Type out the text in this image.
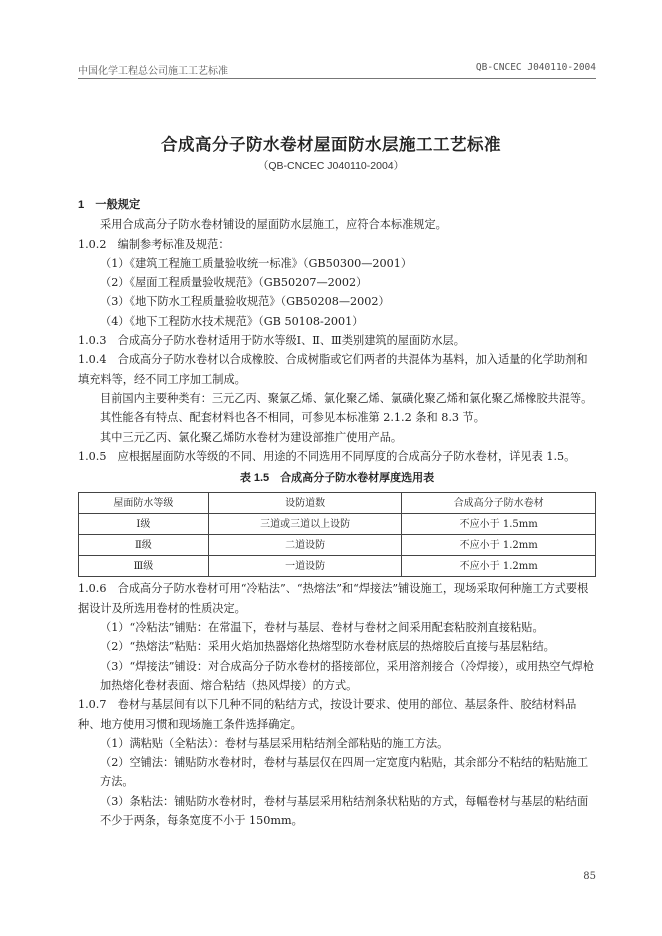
中国化学工程总公司施工工艺标准	QB-CNCEC J040110-2004
合成高分子防水卷材屋面防水层施工工艺标准
（QB-CNCEC J040110-2004）

1　一般规定

采用合成高分子防水卷材铺设的屋面防水层施工，应符合本标准规定。

1.0.2　编制参考标准及规范：

（1）《建筑工程施工质量验收统一标准》（GB50300—2001）

（2）《屋面工程质量验收规范》（GB50207—2002）

（3）《地下防水工程质量验收规范》（GB50208—2002）

（4）《地下工程防水技术规范》（GB 50108-2001）

1.0.3　合成高分子防水卷材适用于防水等级Ⅰ、Ⅱ、Ⅲ类别建筑的屋面防水层。

1.0.4　合成高分子防水卷材以合成橡胶、合成树脂或它们两者的共混体为基料，加入适量的化学助剂和填充料等，经不同工序加工制成。

目前国内主要种类有：三元乙丙、聚氯乙烯、氯化聚乙烯、氯磺化聚乙烯和氯化聚乙烯橡胶共混等。其性能各有特点、配套材料也各不相同，可参见本标准第 2.1.2 条和 8.3 节。

其中三元乙丙、氯化聚乙烯防水卷材为建设部推广使用产品。

1.0.5　应根据屋面防水等级的不同、用途的不同选用不同厚度的合成高分子防水卷材，详见表 1.5。

表 1.5　合成高分子防水卷材厚度选用表
屋面防水等级	设防道数	合成高分子防水卷材
Ⅰ级	三道或三道以上设防	不应小于 1.5mm
Ⅱ级	二道设防	不应小于 1.2mm
Ⅲ级	一道设防	不应小于 1.2mm

1.0.6　合成高分子防水卷材可用“冷粘法”、“热熔法”和“焊接法”铺设施工，现场采取何种施工方式要根据设计及所选用卷材的性质决定。

（1）“冷粘法”铺贴：在常温下，卷材与基层、卷材与卷材之间采用配套粘胶剂直接粘贴。

（2）“热熔法”粘贴：采用火焰加热器熔化热熔型防水卷材底层的热熔胶后直接与基层粘结。

（3）“焊接法”铺设：对合成高分子防水卷材的搭接部位，采用溶剂接合（冷焊接），或用热空气焊枪加热熔化卷材表面、熔合粘结（热风焊接）的方式。

1.0.7　卷材与基层间有以下几种不同的粘结方式，按设计要求、使用的部位、基层条件、胶结材料品种、地方使用习惯和现场施工条件选择确定。

（1）满粘贴（全粘法）：卷材与基层采用粘结剂全部粘贴的施工方法。

（2）空铺法：铺贴防水卷材时，卷材与基层仅在四周一定宽度内粘贴，其余部分不粘结的粘贴施工方法。

（3）条粘法：铺贴防水卷材时，卷材与基层采用粘结剂条状粘贴的方式，每幅卷材与基层的粘结面不少于两条，每条宽度不小于 150mm。

85
